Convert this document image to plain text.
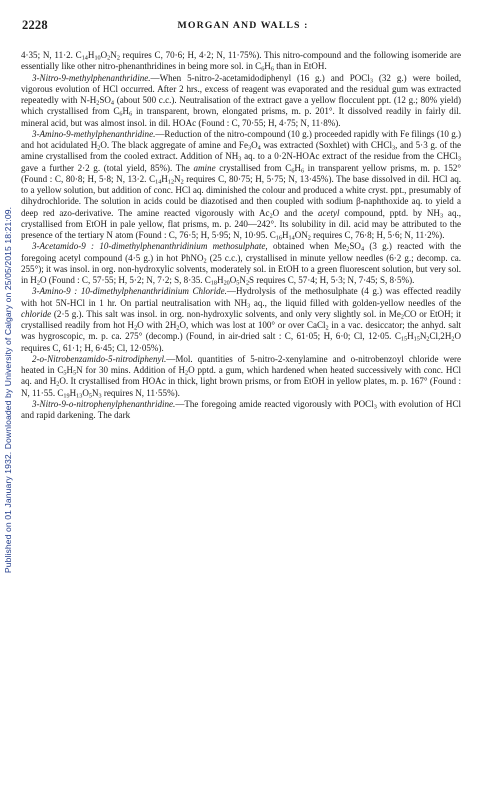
Published on 01 January 1932. Downloaded by University of Calgary on 25/05/2015 18:21:09.
2228	MORGAN AND WALLS :

4·35; N, 11·2. $C_{14}H_{10}O_2N_2$ requires C, 70·6; H, 4·2; N, 11·75%). This nitro-compound and the following isomeride are essentially like other nitro-phenanthridines in being more sol. in $C_6H_6$ than in EtOH.

3-Nitro-9-methylphenanthridine.—When 5-nitro-2-acetamidodiphenyl (16 g.) and POCl$_3$ (32 g.) were boiled, vigorous evolution of HCl occurred. After 2 hrs., excess of reagent was evaporated and the residual gum was extracted repeatedly with $N-H_2SO_4$ (about 500 c.c.). Neutralisation of the extract gave a yellow flocculent ppt. (12 g.; 80% yield) which crystallised from $C_6H_6$ in transparent, brown, elongated prisms, m. p. 201°. It dissolved readily in fairly dil. mineral acid, but was almost insol. in dil. HOAc (Found : C, 70·55; H, 4·75; N, 11·8%).

3-Amino-9-methylphenanthridine.—Reduction of the nitro-compound (10 g.) proceeded rapidly with Fe filings (10 g.) and hot acidulated $H_2O$. The black aggregate of amine and $Fe_3O_4$ was extracted (Soxhlet) with CHCl$_3$, and 5·3 g. of the amine crystallised from the cooled extract. Addition of $NH_3$ aq. to a 0·2N-HOAc extract of the residue from the CHCl$_3$ gave a further 2·2 g. (total yield, 85%). The amine crystallised from $C_6H_6$ in transparent yellow prisms, m. p. 152° (Found : C, 80·8; H, 5·8; N, 13·2. $C_{14}H_{12}N_2$ requires C, 80·75; H, 5·75; N, 13·45%). The base dissolved in dil. HCl aq. to a yellow solution, but addition of conc. HCl aq. diminished the colour and produced a white cryst. ppt., presumably of dihydrochloride. The solution in acids could be diazotised and then coupled with sodium β-naphthoxide aq. to yield a deep red azo-derivative. The amine reacted vigorously with $Ac_2O$ and the acetyl compound, pptd. by $NH_3$ aq., crystallised from EtOH in pale yellow, flat prisms, m. p. 240—242°. Its solubility in dil. acid may be attributed to the presence of the tertiary N atom (Found : C, 76·5; H, 5·95; N, 10·95. $C_{16}H_{14}ON_2$ requires C, 76·8; H, 5·6; N, 11·2%).

3-Acetamido-9 : 10-dimethylphenanthridinium methosulphate, obtained when $Me_2SO_4$ (3 g.) reacted with the foregoing acetyl compound (4·5 g.) in hot PhNO$_2$ (25 c.c.), crystallised in minute yellow needles (6·2 g.; decomp. ca. 255°); it was insol. in org. non-hydroxylic solvents, moderately sol. in EtOH to a green fluorescent solution, but very sol. in $H_2O$ (Found : C, 57·55; H, 5·2; N, 7·2; S, 8·35. $C_{18}H_{20}O_5N_2S$ requires C, 57·4; H, 5·3; N, 7·45; S, 8·5%).

3-Amino-9 : 10-dimethylphenanthridinium Chloride.—Hydrolysis of the methosulphate (4 g.) was effected readily with hot 5N-HCl in 1 hr. On partial neutralisation with $NH_3$ aq., the liquid filled with golden-yellow needles of the chloride (2·5 g.). This salt was insol. in org. non-hydroxylic solvents, and only very slightly sol. in $Me_2CO$ or EtOH; it crystallised readily from hot $H_2O$ with $2H_2O$, which was lost at 100° or over CaCl$_2$ in a vac. desiccator; the anhyd. salt was hygroscopic, m. p. ca. 275° (decomp.) (Found, in air-dried salt : C, 61·05; H, 6·0; Cl, 12·05. $C_{15}H_{15}N_2Cl,2H_2O$ requires C, 61·1; H, 6·45; Cl, 12·05%).

2-o-Nitrobenzamido-5-nitrodiphenyl.—Mol. quantities of 5-nitro-2-xenylamine and o-nitrobenzoyl chloride were heated in $C_5H_5N$ for 30 mins. Addition of $H_2O$ pptd. a gum, which hardened when heated successively with conc. HCl aq. and $H_2O$. It crystallised from HOAc in thick, light brown prisms, or from EtOH in yellow plates, m. p. 167° (Found : N, 11·55. $C_{19}H_{13}O_5N_3$ requires N, 11·55%).

3-Nitro-9-o-nitrophenylphenanthridine.—The foregoing amide reacted vigorously with POCl$_3$ with evolution of HCl and rapid darkening. The dark
